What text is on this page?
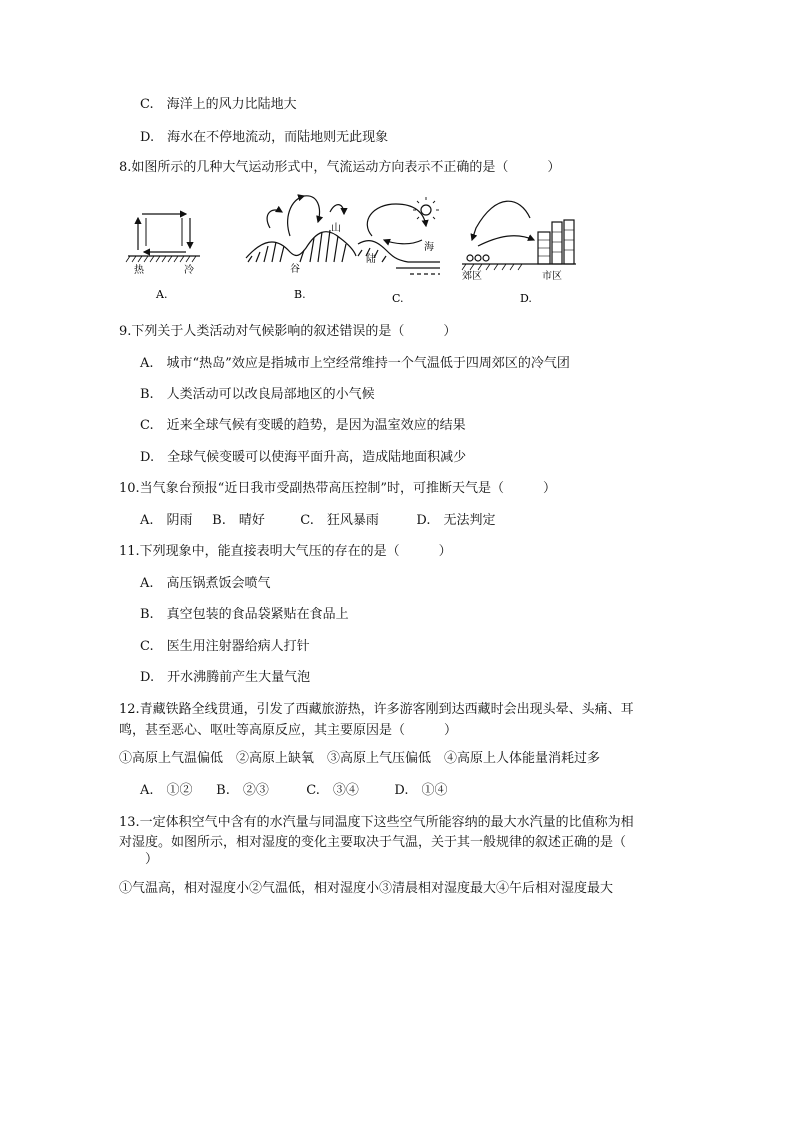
C.　海洋上的风力比陆地大
D.　海水在不停地流动，而陆地则无此现象
8.如图所示的几种大气运动形式中，气流运动方向表示不正确的是（　　　）
热	冷
山
谷
陆
海
郊区	市区
A.	B.	C.	D.
9.下列关于人类活动对气候影响的叙述错误的是（　　　）
A.　城市“热岛”效应是指城市上空经常维持一个气温低于四周郊区的冷气团
B.　人类活动可以改良局部地区的小气候
C.　近来全球气候有变暖的趋势，是因为温室效应的结果
D.　全球气候变暖可以使海平面升高，造成陆地面积减少
10.当气象台预报“近日我市受副热带高压控制”时，可推断天气是（　　　）
A.　阴雨 B.　晴好	C.　狂风暴雨	D.　无法判定
11.下列现象中，能直接表明大气压的存在的是（　　　）
A.　高压锅煮饭会喷气
B.　真空包装的食品袋紧贴在食品上
C.　医生用注射器给病人打针
D.　开水沸腾前产生大量气泡
12.青藏铁路全线贯通，引发了西藏旅游热，许多游客刚到达西藏时会出现头晕、头痛、耳
鸣，甚至恶心、呕吐等高原反应，其主要原因是（　　　）
①高原上气温偏低　②高原上缺氧　③高原上气压偏低　④高原上人体能量消耗过多
A.　①② B.　②③	C.　③④	D.　①④
13.一定体积空气中含有的水汽量与同温度下这些空气所能容纳的最大水汽量的比值称为相
对湿度。如图所示，相对湿度的变化主要取决于气温，关于其一般规律的叙述正确的是（
　　）
①气温高，相对湿度小②气温低，相对湿度小③清晨相对湿度最大④午后相对湿度最大
